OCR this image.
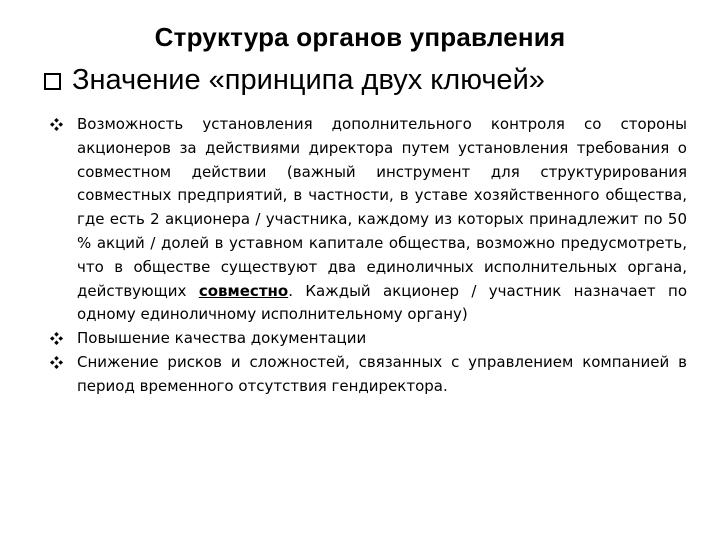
Структура органов управления
Значение «принципа двух ключей»
Возможность установления дополнительного контроля со стороны акционеров за действиями директора путем установления требования о совместном действии (важный инструмент для структурирования совместных предприятий, в частности, в уставе хозяйственного общества, где есть 2 акционера / участника, каждому из которых принадлежит по 50 % акций / долей в уставном капитале общества, возможно предусмотреть, что в обществе существуют два единоличных исполнительных органа, действующих совместно. Каждый акционер / участник назначает по одному единоличному исполнительному органу)
Повышение качества документации
Снижение рисков и сложностей, связанных с управлением компанией в период временного отсутствия гендиректора.
